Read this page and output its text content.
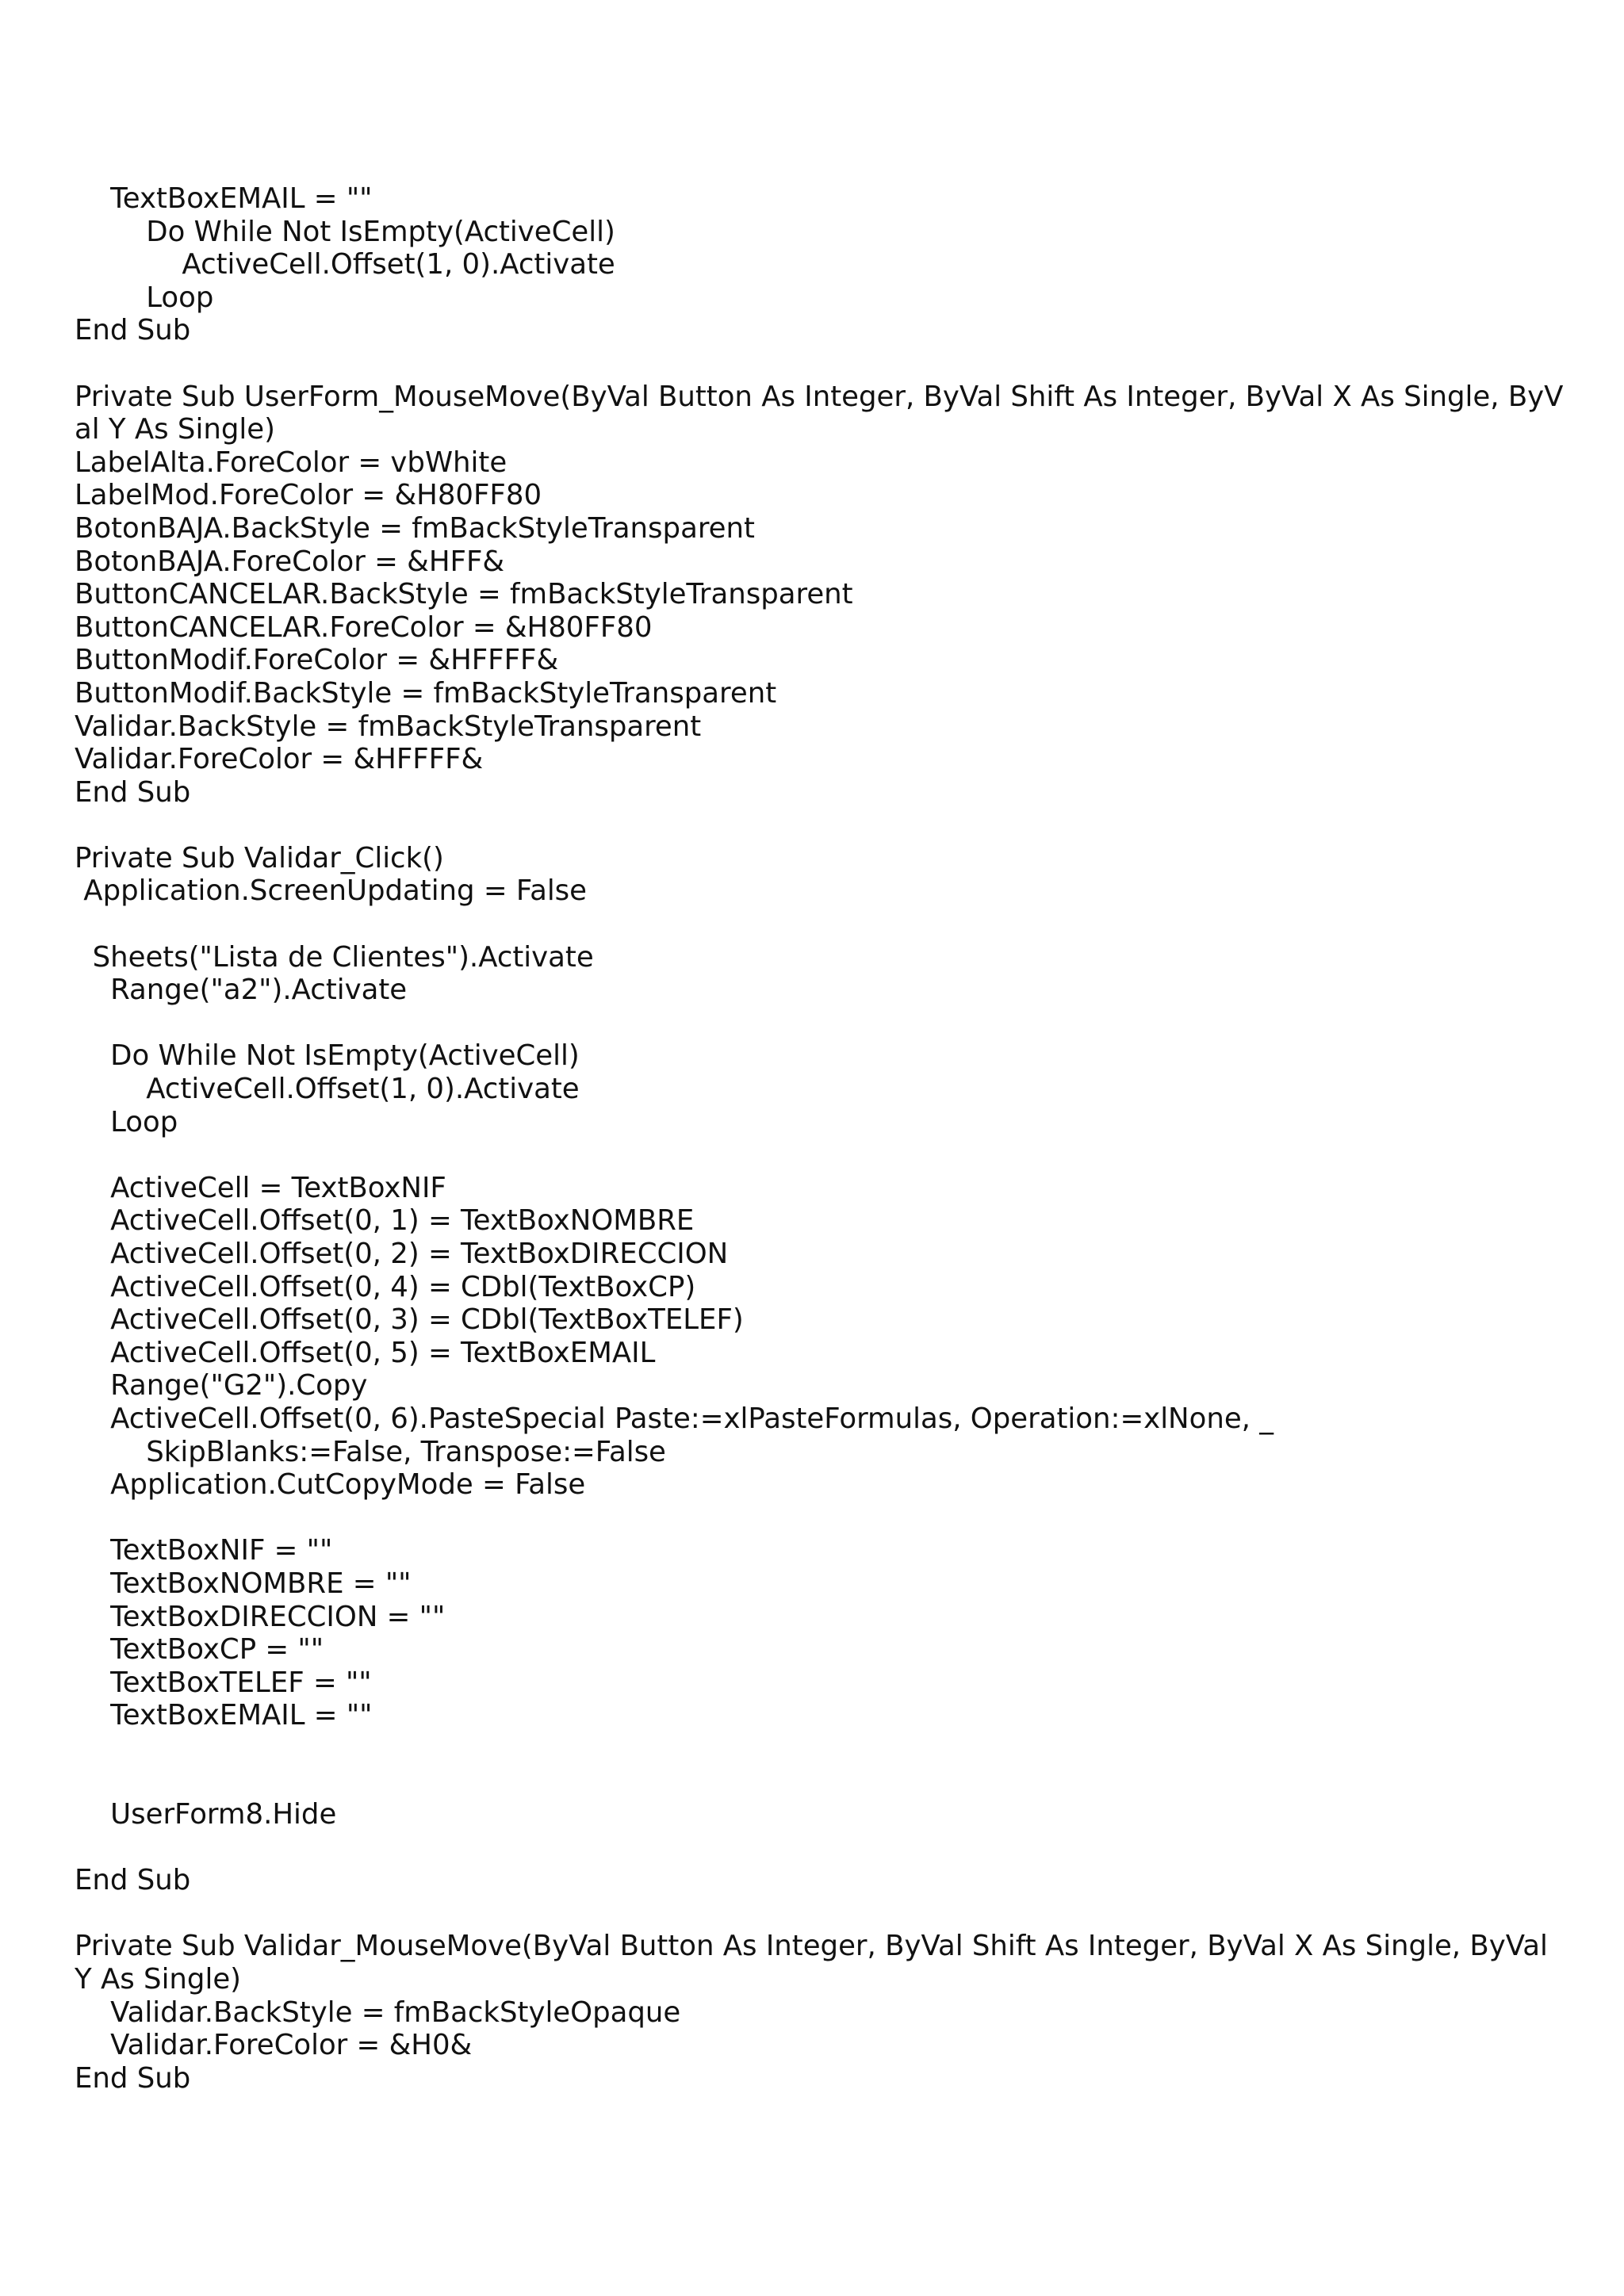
TextBoxEMAIL = ""
Do While Not IsEmpty(ActiveCell)
ActiveCell.Offset(1, 0).Activate
Loop
End Sub
Private Sub UserForm_MouseMove(ByVal Button As Integer, ByVal Shift As Integer, ByVal X As Single, ByV
al Y As Single)
LabelAlta.ForeColor = vbWhite
LabelMod.ForeColor = &H80FF80
BotonBAJA.BackStyle = fmBackStyleTransparent
BotonBAJA.ForeColor = &HFF&
ButtonCANCELAR.BackStyle = fmBackStyleTransparent
ButtonCANCELAR.ForeColor = &H80FF80
ButtonModif.ForeColor = &HFFFF&
ButtonModif.BackStyle = fmBackStyleTransparent
Validar.BackStyle = fmBackStyleTransparent
Validar.ForeColor = &HFFFF&
End Sub
Private Sub Validar_Click()
Application.ScreenUpdating = False
Sheets("Lista de Clientes").Activate
Range("a2").Activate
Do While Not IsEmpty(ActiveCell)
ActiveCell.Offset(1, 0).Activate
Loop
ActiveCell = TextBoxNIF
ActiveCell.Offset(0, 1) = TextBoxNOMBRE
ActiveCell.Offset(0, 2) = TextBoxDIRECCION
ActiveCell.Offset(0, 4) = CDbl(TextBoxCP)
ActiveCell.Offset(0, 3) = CDbl(TextBoxTELEF)
ActiveCell.Offset(0, 5) = TextBoxEMAIL
Range("G2").Copy
ActiveCell.Offset(0, 6).PasteSpecial Paste:=xlPasteFormulas, Operation:=xlNone, _
SkipBlanks:=False, Transpose:=False
Application.CutCopyMode = False
TextBoxNIF = ""
TextBoxNOMBRE = ""
TextBoxDIRECCION = ""
TextBoxCP = ""
TextBoxTELEF = ""
TextBoxEMAIL = ""
UserForm8.Hide
End Sub
Private Sub Validar_MouseMove(ByVal Button As Integer, ByVal Shift As Integer, ByVal X As Single, ByVal
Y As Single)
Validar.BackStyle = fmBackStyleOpaque
Validar.ForeColor = &H0&
End Sub
